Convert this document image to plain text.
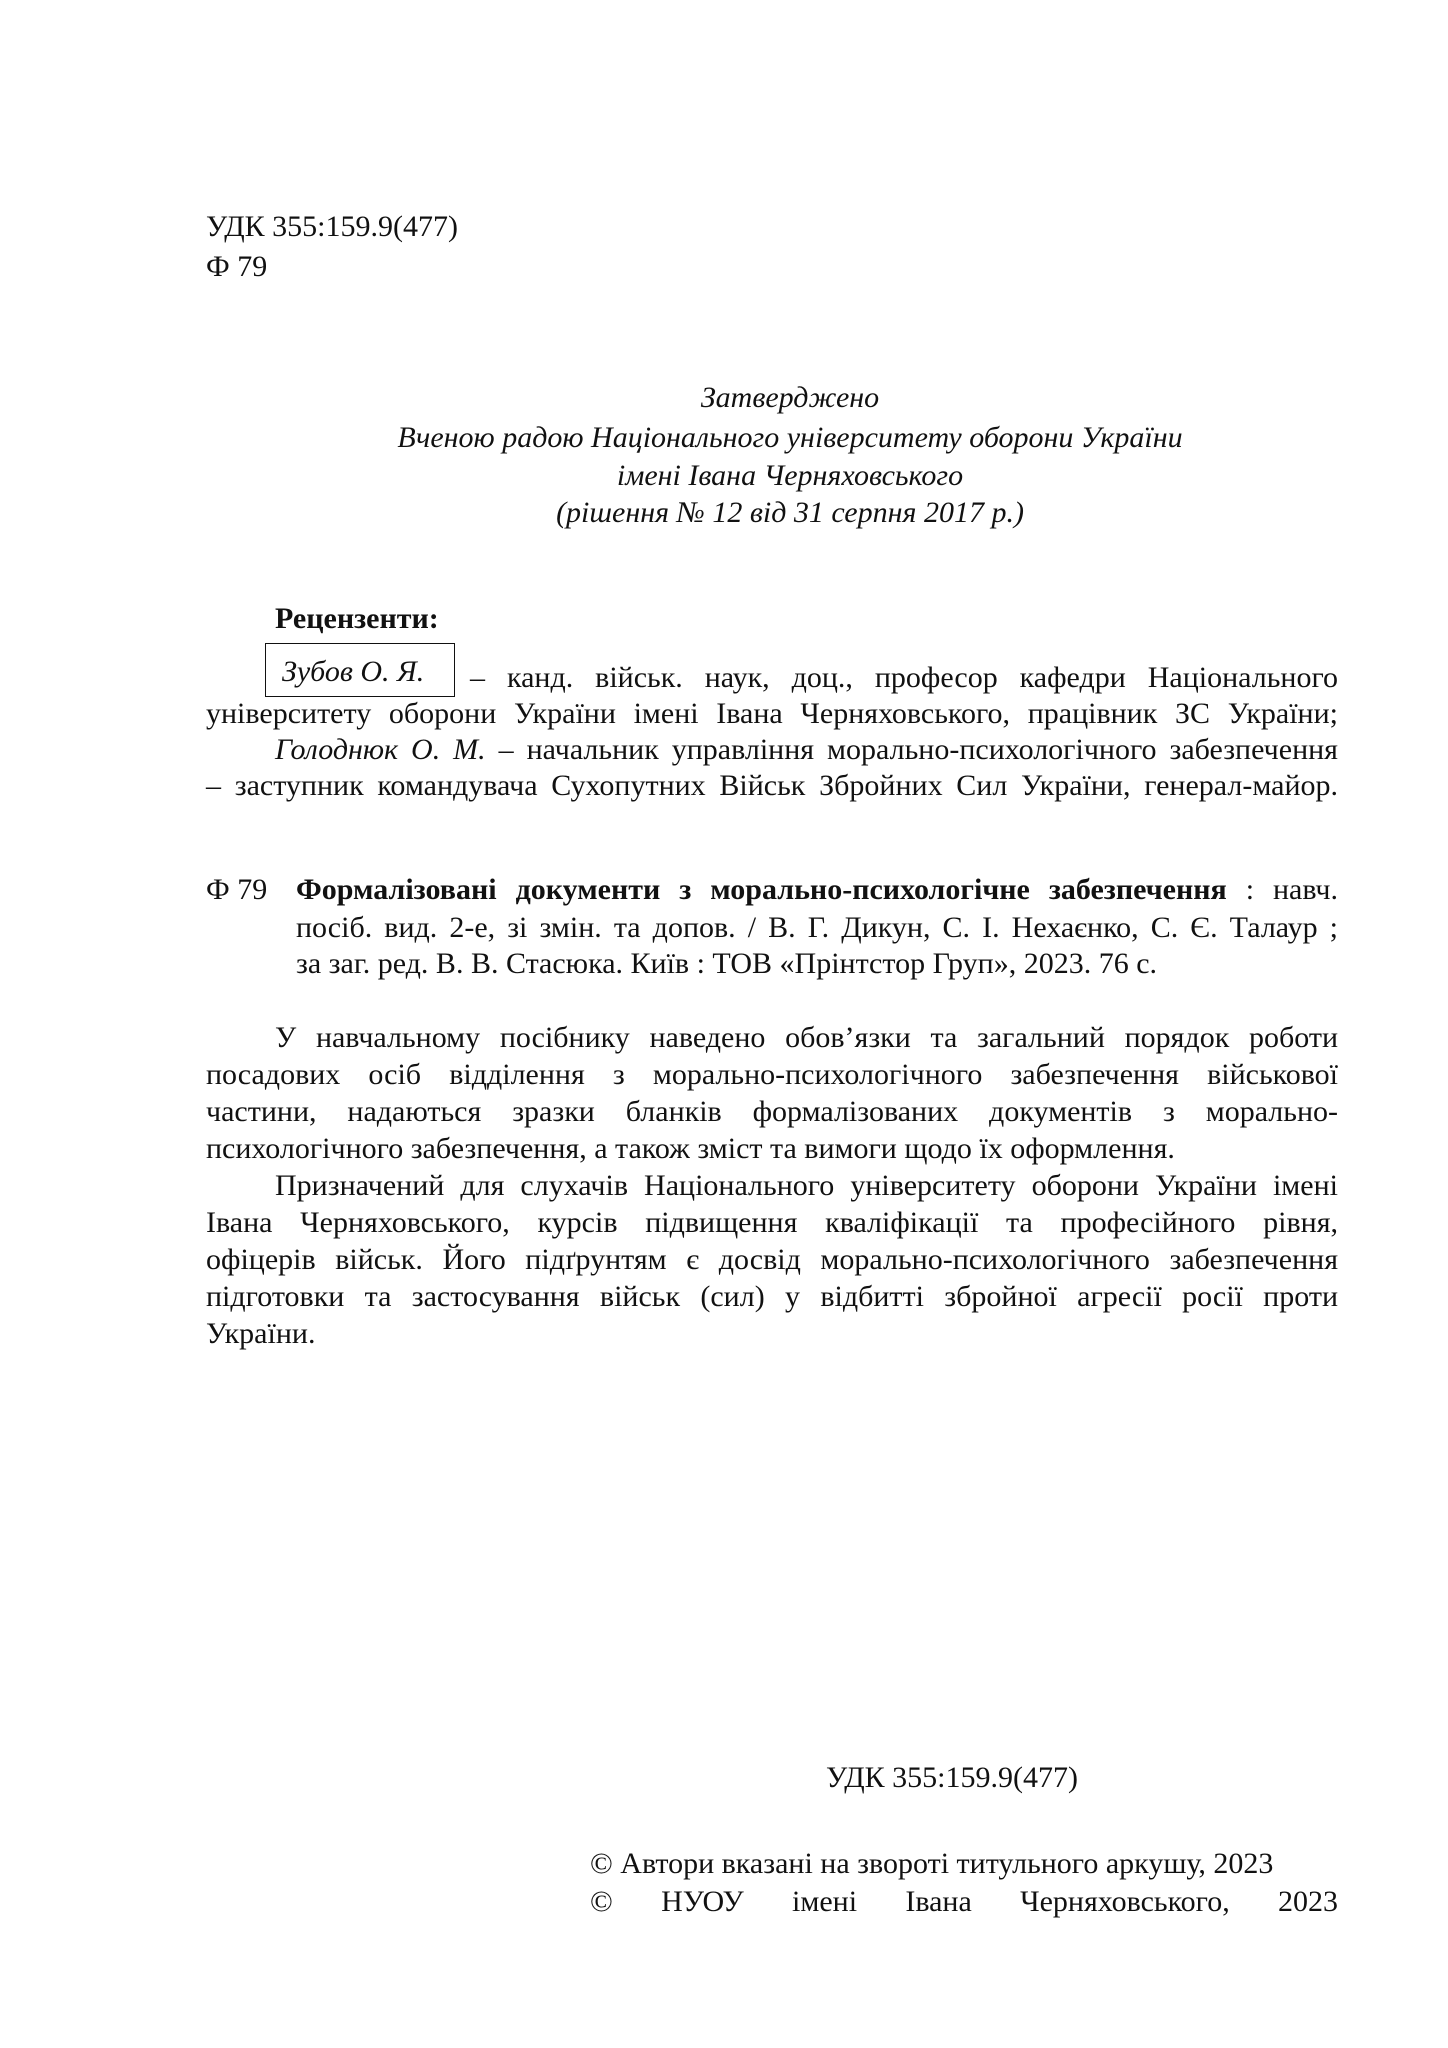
УДК 355:159.9(477)
Ф 79
Затверджено
Вченою радою Національного університету оборони України
імені Івана Черняховського
(рішення № 12 від 31 серпня 2017 р.)
Рецензенти:
Зубов О. Я. – канд. військ. наук, доц., професор кафедри Національного
університету оборони України імені Івана Черняховського, працівник ЗС України;
Голоднюк О. М. – начальник управління морально-психологічного забезпечення
– заступник командувача Сухопутних Військ Збройних Сил України, генерал-майор.
Ф 79 Формалізовані документи з морально-психологічне забезпечення : навч.
посіб. вид. 2-е, зі змін. та допов. / В. Г. Дикун, С. І. Нехаєнко, С. Є. Талаур ;
за заг. ред. В. В. Стасюка. Київ : ТОВ «Прінтстор Груп», 2023. 76 с.
У навчальному посібнику наведено обов’язки та загальний порядок роботи
посадових осіб відділення з морально-психологічного забезпечення військової
частини, надаються зразки бланків формалізованих документів з морально-
психологічного забезпечення, а також зміст та вимоги щодо їх оформлення.
Призначений для слухачів Національного університету оборони України імені
Івана Черняховського, курсів підвищення кваліфікації та професійного рівня,
офіцерів військ. Його підґрунтям є досвід морально-психологічного забезпечення
підготовки та застосування військ (сил) у відбитті збройної агресії росії проти
України.
УДК 355:159.9(477)
© Автори вказані на звороті титульного аркушу, 2023
© НУОУ імені Івана Черняховського, 2023
